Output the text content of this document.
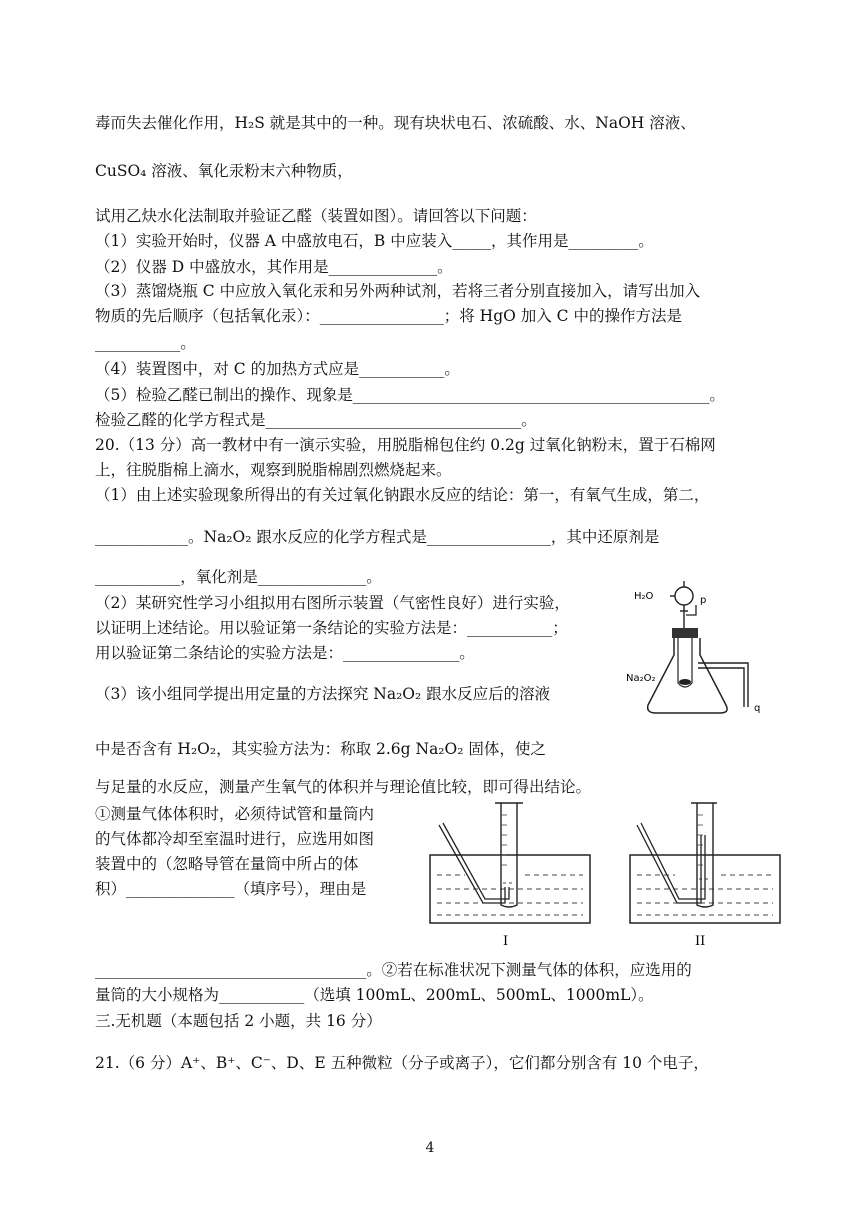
毒而失去催化作用，H₂S 就是其中的一种。现有块状电石、浓硫酸、水、NaOH 溶液、
CuSO₄ 溶液、氧化汞粉末六种物质，
试用乙炔水化法制取并验证乙醛（装置如图）。请回答以下问题：
（1）实验开始时，仪器 A 中盛放电石，B 中应装入_____，其作用是_________。
（2）仪器 D 中盛放水，其作用是______________。
（3）蒸馏烧瓶 C 中应放入氧化汞和另外两种试剂，若将三者分别直接加入，请写出加入
物质的先后顺序（包括氧化汞）：________________；将 HgO 加入 C 中的操作方法是
___________。
（4）装置图中，对 C 的加热方式应是___________。
（5）检验乙醛已制出的操作、现象是______________________________________________。
检验乙醛的化学方程式是_________________________________。
20.（13 分）高一教材中有一演示实验，用脱脂棉包住约 0.2g 过氧化钠粉末，置于石棉网
上，往脱脂棉上滴水，观察到脱脂棉剧烈燃烧起来。
（1）由上述实验现象所得出的有关过氧化钠跟水反应的结论：第一，有氧气生成，第二，
____________。Na₂O₂ 跟水反应的化学方程式是________________，其中还原剂是
___________，氧化剂是______________。
（2）某研究性学习小组拟用右图所示装置（气密性良好）进行实验，
以证明上述结论。用以验证第一条结论的实验方法是：___________；
用以验证第二条结论的实验方法是：_______________。
（3）该小组同学提出用定量的方法探究 Na₂O₂ 跟水反应后的溶液
中是否含有 H₂O₂，其实验方法为：称取 2.6g Na₂O₂ 固体，使之
与足量的水反应，测量产生氧气的体积并与理论值比较，即可得出结论。
①测量气体体积时，必须待试管和量筒内
的气体都冷却至室温时进行，应选用如图
装置中的（忽略导管在量筒中所占的体
积）______________（填序号），理由是
___________________________________。②若在标准状况下测量气体的体积，应选用的
量筒的大小规格为___________（选填 100mL、200mL、500mL、1000mL）。
三.无机题（本题包括 2 小题，共 16 分）
21.（6 分）A⁺、B⁺、C⁻、D、E 五种微粒（分子或离子），它们都分别含有 10 个电子，
H₂O	p
Na₂O₂
q
I	II
4
